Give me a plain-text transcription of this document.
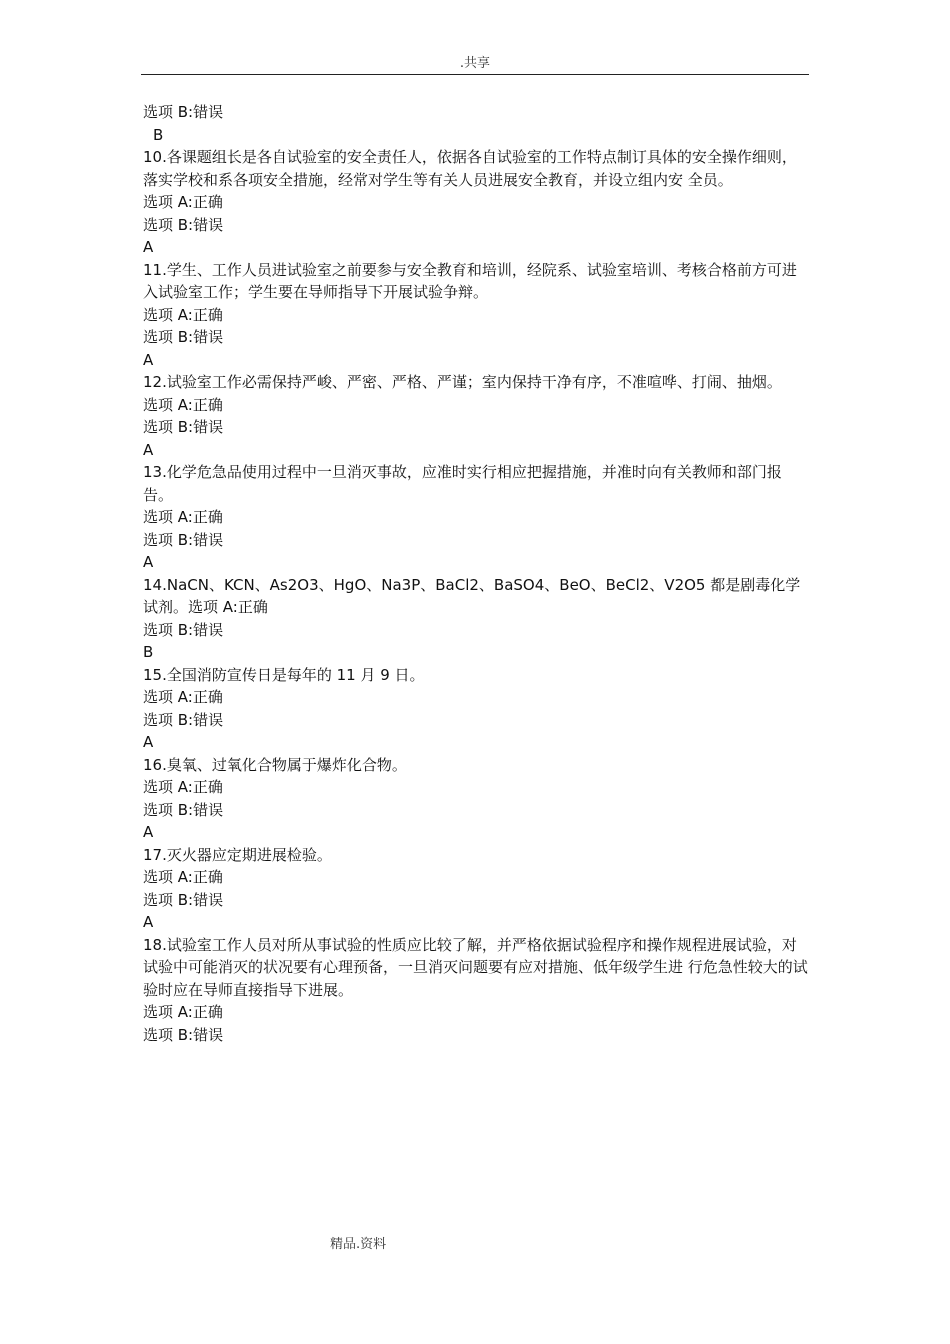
.共享

选项 B:错误

B

10.各课题组长是各自试验室的安全责任人，依据各自试验室的工作特点制订具体的安全操作细则，落实学校和系各项安全措施，经常对学生等有关人员进展安全教育，并设立组内安 全员。

选项 A:正确

选项 B:错误

A

11.学生、工作人员进试验室之前要参与安全教育和培训，经院系、试验室培训、考核合格前方可进入试验室工作；学生要在导师指导下开展试验争辩。

选项 A:正确

选项 B:错误

A

12.试验室工作必需保持严峻、严密、严格、严谨；室内保持干净有序，不准喧哗、打闹、抽烟。

选项 A:正确

选项 B:错误

A

13.化学危急品使用过程中一旦消灭事故，应准时实行相应把握措施，并准时向有关教师和部门报告。

选项 A:正确

选项 B:错误

A

14.NaCN、KCN、As2O3、HgO、Na3P、BaCl2、BaSO4、BeO、BeCl2、V2O5 都是剧毒化学试剂。选项 A:正确

选项 B:错误

B

15.全国消防宣传日是每年的 11 月 9 日。

选项 A:正确

选项 B:错误

A

16.臭氧、过氧化合物属于爆炸化合物。

选项 A:正确

选项 B:错误

A

17.灭火器应定期进展检验。

选项 A:正确

选项 B:错误

A

18.试验室工作人员对所从事试验的性质应比较了解，并严格依据试验程序和操作规程进展试验，对试验中可能消灭的状况要有心理预备，一旦消灭问题要有应对措施、低年级学生进 行危急性较大的试验时应在导师直接指导下进展。

选项 A:正确

选项 B:错误

精品.资料
